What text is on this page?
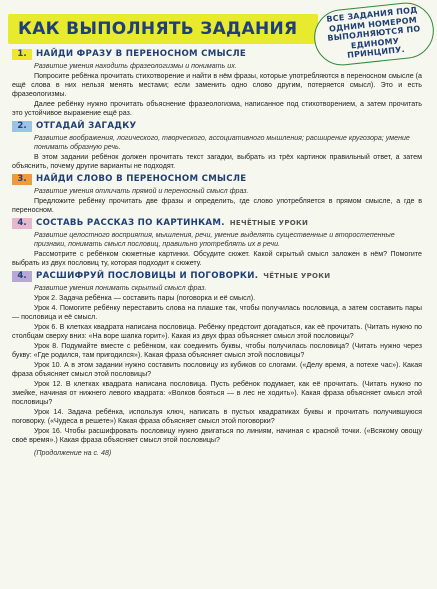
КАК ВЫПОЛНЯТЬ ЗАДАНИЯ
ВСЕ ЗАДАНИЯ ПОД ОДНИМ НОМЕРОМ ВЫПОЛНЯЮТСЯ ПО ЕДИНОМУ ПРИНЦИПУ.
1.	НАЙДИ ФРАЗУ В ПЕРЕНОСНОМ СМЫСЛЕ

Развитие умения находить фразеологизмы и понимать их.

Попросите ребёнка прочитать стихотворение и найти в нём фразы, которые употребляются в переносном смысле (а ещё слова в них нельзя менять местами; если заменить одно слово другим, потеряется смысл). Это и есть фразеологизмы.

Далее ребёнку нужно прочитать объяснение фразеологизма, написанное под стихотворением, а затем прочитать это устойчивое выражение ещё раз.

2.	ОТГАДАЙ ЗАГАДКУ

Развитие воображения, логического, творческого, ассоциативного мышления; расширение кругозора; умение понимать образную речь.

В этом задании ребёнок должен прочитать текст загадки, выбрать из трёх картинок правильный ответ, а затем объяснить, почему другие варианты не подходят.

3.	НАЙДИ СЛОВО В ПЕРЕНОСНОМ СМЫСЛЕ

Развитие умения отличать прямой и переносный смысл фраз.

Предложите ребёнку прочитать две фразы и определить, где слово употребляется в прямом смысле, а где в переносном.

4.	СОСТАВЬ РАССКАЗ ПО КАРТИНКАМ. НЕЧЁТНЫЕ УРОКИ

Развитие целостного восприятия, мышления, речи, умение выделять существенные и второстепенные признаки, понимать смысл пословиц, правильно употреблять их в речи.

Рассмотрите с ребёнком сюжетные картинки. Обсудите сюжет. Какой скрытый смысл заложен в нём? Помогите выбрать из двух пословиц ту, которая подходит к сюжету.

4.	РАСШИФРУЙ ПОСЛОВИЦЫ И ПОГОВОРКИ. ЧЁТНЫЕ УРОКИ

Развитие умения понимать скрытый смысл фраз.

Урок 2. Задача ребёнка — составить пары (поговорка и её смысл).

Урок 4. Помогите ребёнку переставить слова на плашке так, чтобы получилась пословица, а затем составить пары — пословица и её смысл.

Урок 6. В клетках квадрата написана пословица. Ребёнку предстоит догадаться, как её прочитать. (Читать нужно по столбцам сверху вниз: «На воре шапка горит»). Какая из двух фраз объясняет смысл этой пословицы?

Урок 8. Подумайте вместе с ребёнком, как соединить буквы, чтобы получилась пословица? (Читать нужно через букву: «Где родился, там пригодился»). Какая фраза объясняет смысл этой пословицы?

Урок 10. А в этом задании нужно составить пословицу из кубиков со слогами. («Делу время, а потехе час»). Какая фраза объясняет смысл этой пословицы?

Урок 12. В клетках квадрата написана пословица. Пусть ребёнок подумает, как её прочитать. (Читать нужно по змейке, начиная от нижнего левого квадрата: «Волков бояться — в лес не ходить»). Какая фраза объясняет смысл этой пословицы?

Урок 14. Задача ребёнка, используя ключ, написать в пустых квадратиках буквы и прочитать получившуюся поговорку. («Чудеса в решете») Какая фраза объясняет смысл этой поговорки?

Урок 16. Чтобы расшифровать пословицу нужно двигаться по линиям, начиная с красной точки. («Всякому овощу своё время».) Какая фраза объясняет смысл этой пословицы?

(Продолжение на с. 48)
